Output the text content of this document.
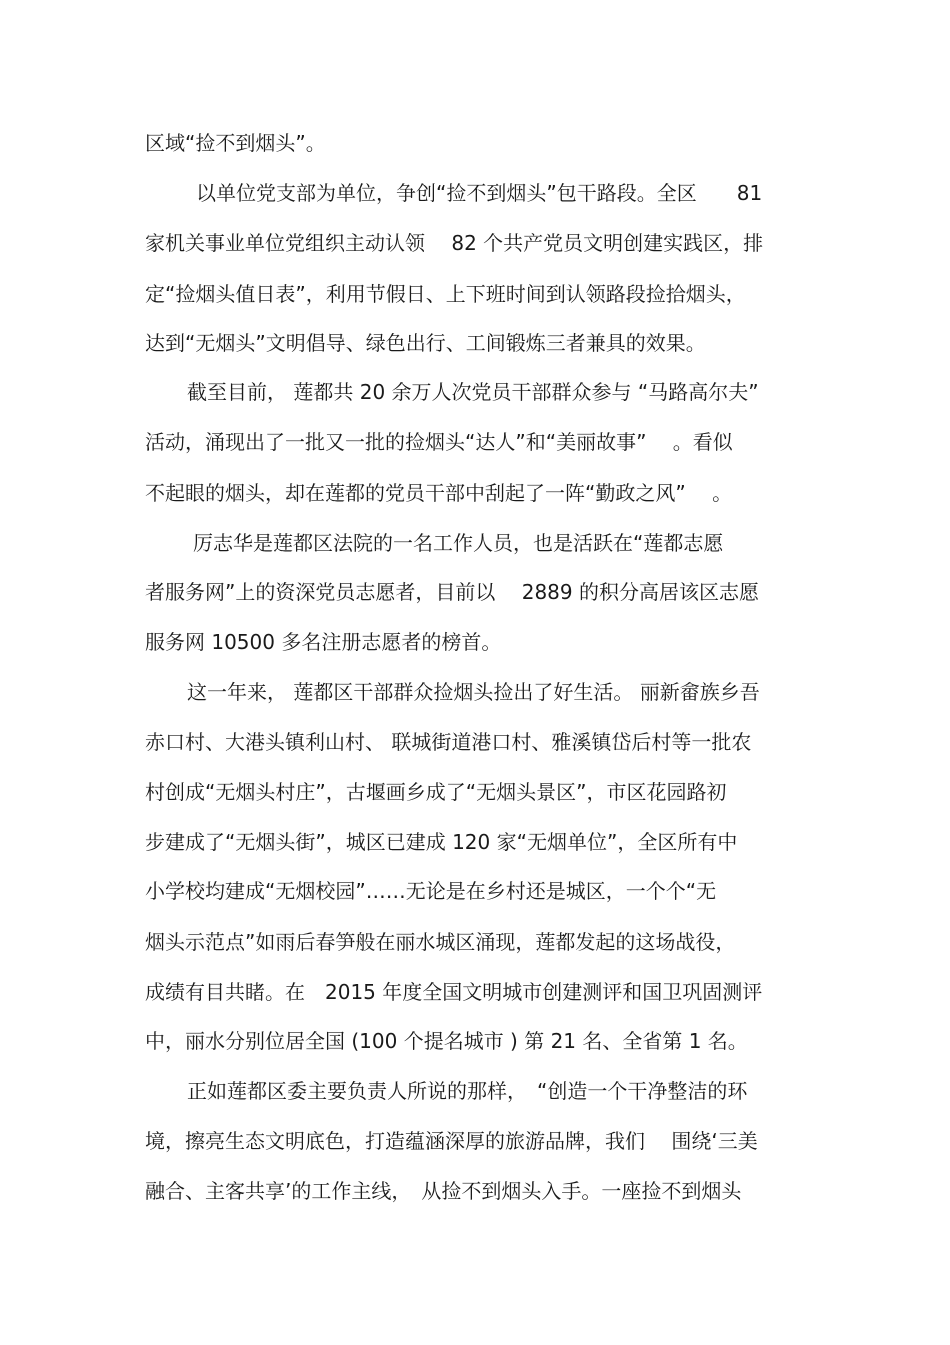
区域“捡不到烟头”。
以单位党支部为单位，争创“捡不到烟头”包干路段。全区　　81
家机关事业单位党组织主动认领　 82 个共产党员文明创建实践区，排
定“捡烟头值日表”，利用节假日、上下班时间到认领路段捡拾烟头，
达到“无烟头”文明倡导、绿色出行、工间锻炼三者兼具的效果。
截至目前， 莲都共 20 余万人次党员干部群众参与 “马路高尔夫”
活动，涌现出了一批又一批的捡烟头“达人”和“美丽故事”　 。看似
不起眼的烟头，却在莲都的党员干部中刮起了一阵“勤政之风”　 。
厉志华是莲都区法院的一名工作人员，也是活跃在“莲都志愿
者服务网”上的资深党员志愿者，目前以　 2889 的积分高居该区志愿
服务网 10500 多名注册志愿者的榜首。
这一年来， 莲都区干部群众捡烟头捡出了好生活。 丽新畲族乡吾
赤口村、大港头镇利山村、 联城街道港口村、雅溪镇岱后村等一批农
村创成“无烟头村庄”，古堰画乡成了“无烟头景区”，市区花园路初
步建成了“无烟头街”，城区已建成 120 家“无烟单位”，全区所有中
小学校均建成“无烟校园”……无论是在乡村还是城区，一个个“无
烟头示范点”如雨后春笋般在丽水城区涌现，莲都发起的这场战役，
成绩有目共睹。在　2015 年度全国文明城市创建测评和国卫巩固测评
中，丽水分别位居全国 (100 个提名城市 ) 第 21 名、全省第 1 名。
正如莲都区委主要负责人所说的那样，　“创造一个干净整洁的环
境，擦亮生态文明底色，打造蕴涵深厚的旅游品牌，我们　 围绕‘三美
融合、主客共享’的工作主线，　从捡不到烟头入手。一座捡不到烟头
